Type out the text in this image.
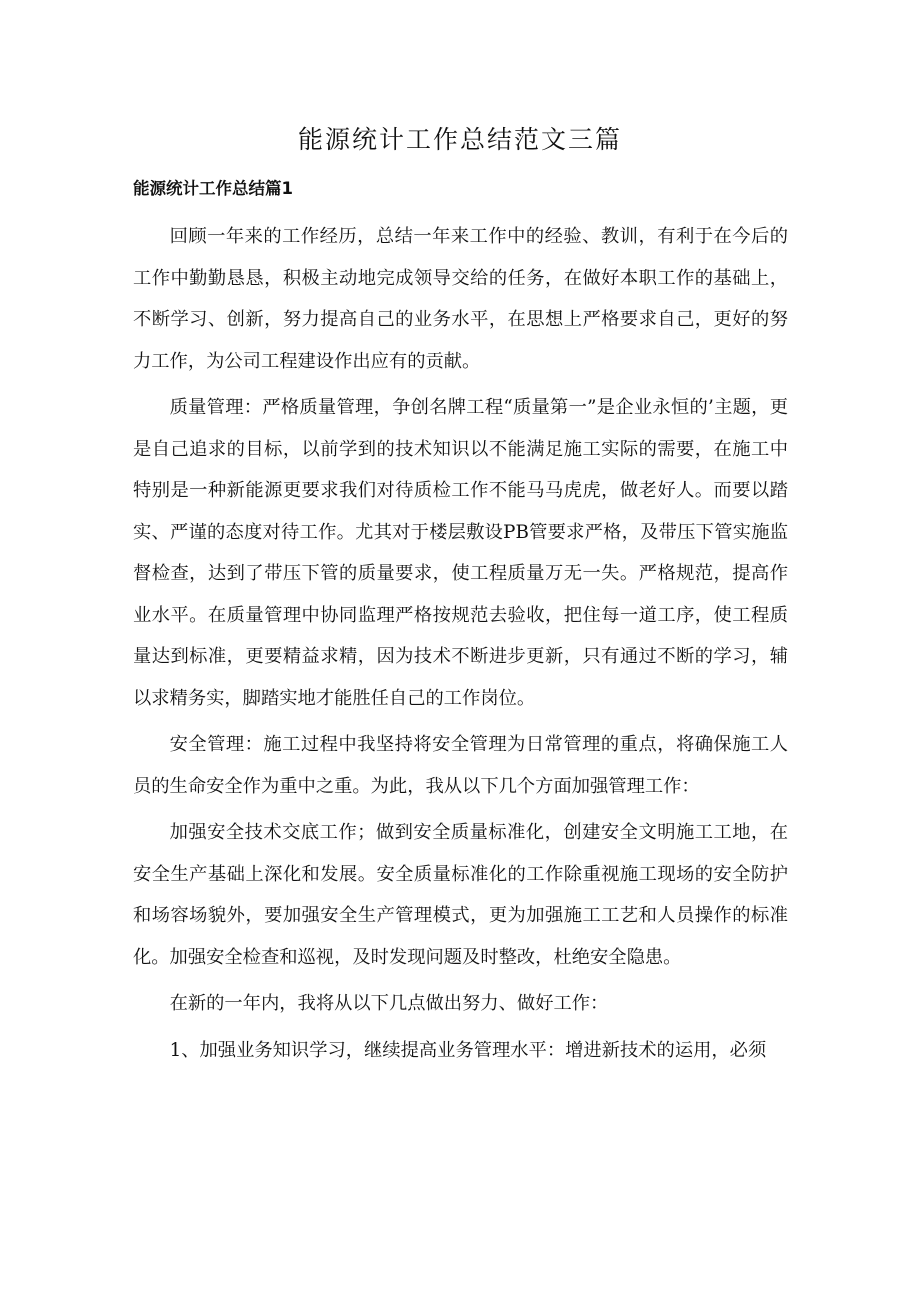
能源统计工作总结范文三篇
能源统计工作总结篇1

回顾一年来的工作经历，总结一年来工作中的经验、教训，有利于在今后的工作中勤勤恳恳，积极主动地完成领导交给的任务，在做好本职工作的基础上，不断学习、创新，努力提高自己的业务水平，在思想上严格要求自己，更好的努力工作，为公司工程建设作出应有的贡献。

质量管理：严格质量管理，争创名牌工程“质量第一”是企业永恒的’主题，更是自己追求的目标，以前学到的技术知识以不能满足施工实际的需要，在施工中特别是一种新能源更要求我们对待质检工作不能马马虎虎，做老好人。而要以踏实、严谨的态度对待工作。尤其对于楼层敷设PB管要求严格，及带压下管实施监督检查，达到了带压下管的质量要求，使工程质量万无一失。严格规范，提高作业水平。在质量管理中协同监理严格按规范去验收，把住每一道工序，使工程质量达到标准，更要精益求精，因为技术不断进步更新，只有通过不断的学习，辅以求精务实，脚踏实地才能胜任自己的工作岗位。

安全管理：施工过程中我坚持将安全管理为日常管理的重点，将确保施工人员的生命安全作为重中之重。为此，我从以下几个方面加强管理工作：

加强安全技术交底工作；做到安全质量标准化，创建安全文明施工工地，在安全生产基础上深化和发展。安全质量标准化的工作除重视施工现场的安全防护和场容场貌外，要加强安全生产管理模式，更为加强施工工艺和人员操作的标准化。加强安全检查和巡视，及时发现问题及时整改，杜绝安全隐患。

在新的一年内，我将从以下几点做出努力、做好工作：

1、加强业务知识学习，继续提高业务管理水平：增进新技术的运用，必须
